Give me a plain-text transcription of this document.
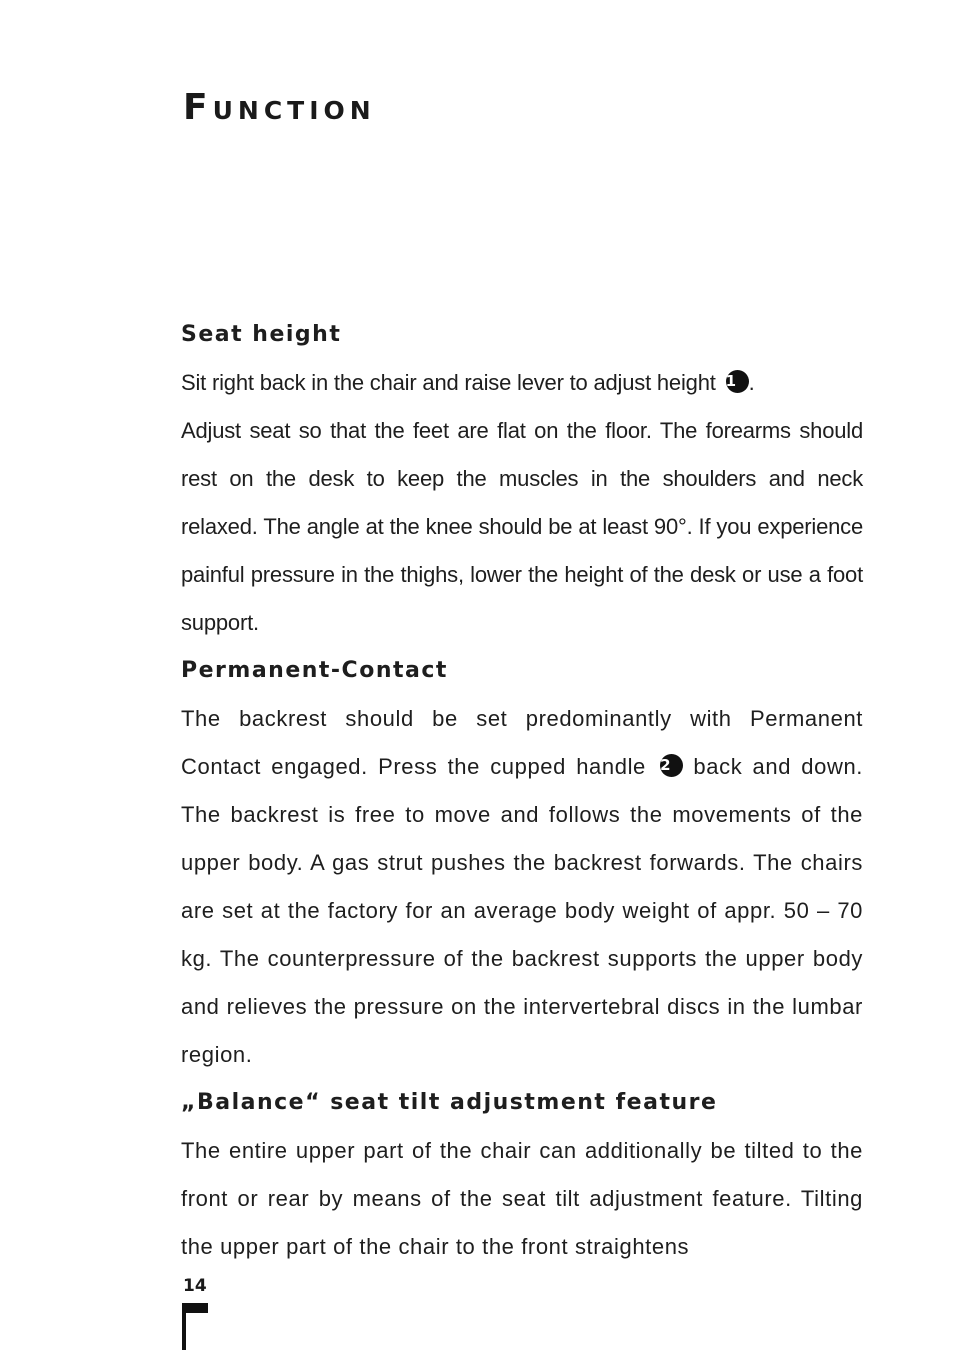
Function
Seat height

Sit right back in the chair and raise lever to adjust height 1 .

Adjust seat so that the feet are flat on the floor. The forearms should rest on the desk to keep the muscles in the shoulders and neck relaxed. The angle at the knee should be at least 90°. If you experience painful pressure in the thighs, lower the height of the desk or use a foot support.

Permanent-Contact

The backrest should be set predominantly with Permanent Contact engaged. Press the cupped handle 2 back and down. The backrest is free to move and follows the movements of the upper body. A gas strut pushes the backrest forwards. The chairs are set at the factory for an average body weight of appr. 50 – 70 kg. The counterpressure of the backrest supports the upper body and relieves the pressure on the intervertebral discs in the lumbar region.

„Balance“ seat tilt adjustment feature

The entire upper part of the chair can additionally be tilted to the front or rear by means of the seat tilt adjustment feature. Tilting the upper part of the chair to the front straightens

14
